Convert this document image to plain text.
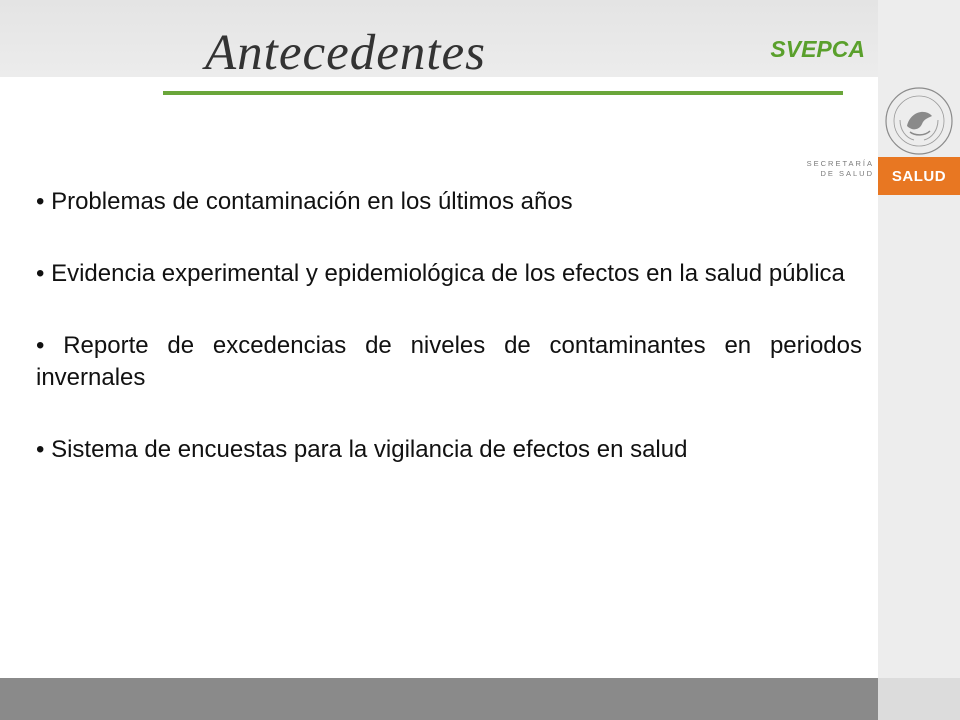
SECRETARÍA
DE SALUD	SALUD
Antecedentes	SVEPCA

• Problemas de contaminación en los últimos años

• Evidencia experimental y epidemiológica de los efectos en la salud pública

• Reporte de excedencias de niveles de contaminantes en periodos invernales

• Sistema de encuestas para la vigilancia de efectos en salud
